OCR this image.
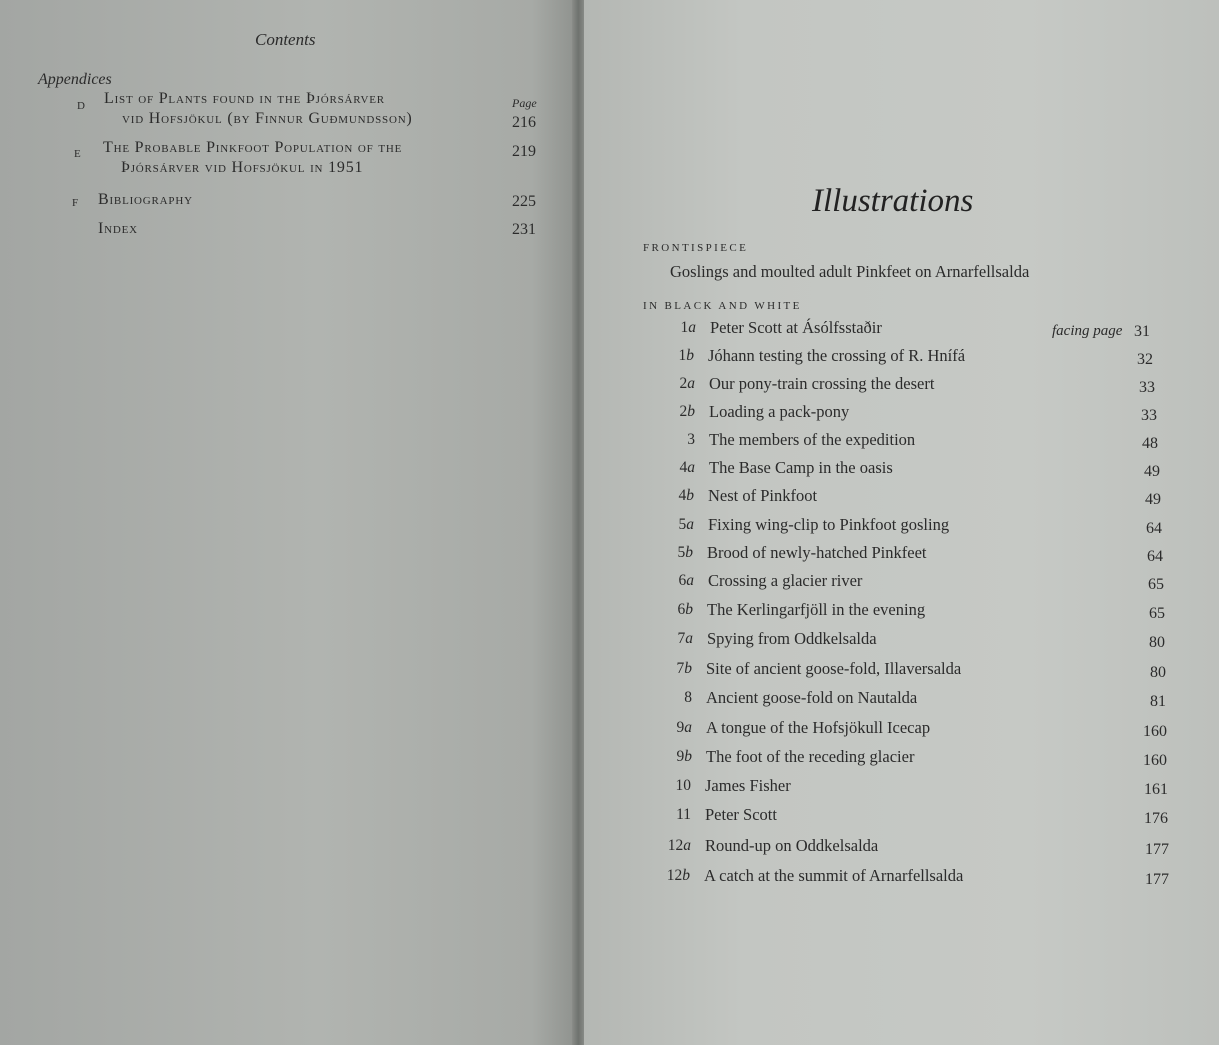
Contents
Appendices
Page
D List of Plants found in the Þjórsárver
vid Hofsjökul (by Finnur Guðmundsson)	216
E The Probable Pinkfoot Population of the
Þjórsárver vid Hofsjökul in 1951
219
F Bibliography	225
Index	231
Illustrations
FRONTISPIECE
Goslings and moulted adult Pinkfeet on Arnarfellsalda
IN BLACK AND WHITE
facing page
1a Peter Scott at Ásólfsstaðir	31
1b Jóhann testing the crossing of R. Hnífá	32
2a Our pony-train crossing the desert	33
2b Loading a pack-pony	33
3 The members of the expedition	48
4a The Base Camp in the oasis	49
4b Nest of Pinkfoot	49
5a Fixing wing-clip to Pinkfoot gosling	64
5b Brood of newly-hatched Pinkfeet	64
6a Crossing a glacier river	65
6b The Kerlingarfjöll in the evening	65
7a Spying from Oddkelsalda	80
7b Site of ancient goose-fold, Illaversalda	80
8 Ancient goose-fold on Nautalda	81
9a A tongue of the Hofsjökull Icecap	160
9b The foot of the receding glacier	160
10 James Fisher	161
11 Peter Scott	176
12a Round-up on Oddkelsalda	177
12b A catch at the summit of Arnarfellsalda	177
